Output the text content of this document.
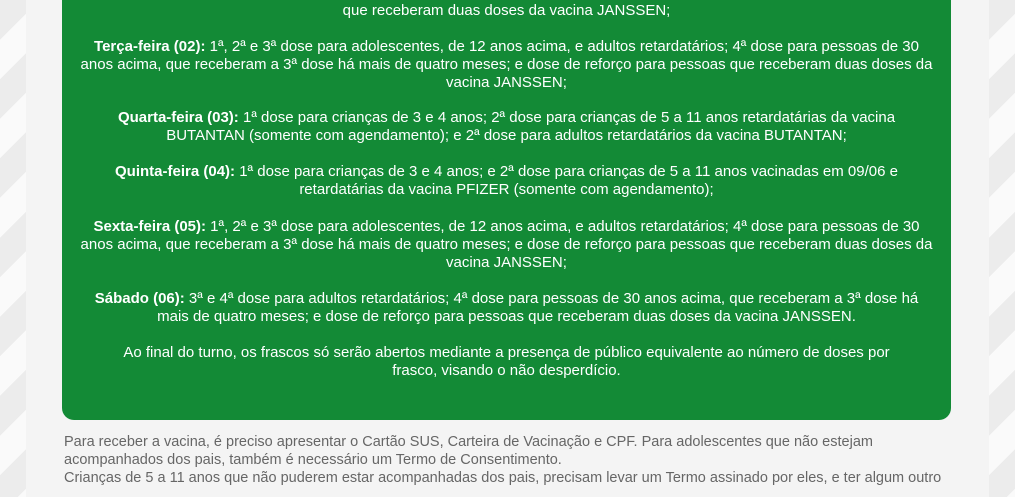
que receberam duas doses da vacina JANSSEN;
Terça-feira (02): 1ª, 2ª e 3ª dose para adolescentes, de 12 anos acima, e adultos retardatários; 4ª dose para pessoas de 30 anos acima, que receberam a 3ª dose há mais de quatro meses; e dose de reforço para pessoas que receberam duas doses da vacina JANSSEN;
Quarta-feira (03): 1ª dose para crianças de 3 e 4 anos; 2ª dose para crianças de 5 a 11 anos retardatárias da vacina BUTANTAN (somente com agendamento); e 2ª dose para adultos retardatários da vacina BUTANTAN;
Quinta-feira (04): 1ª dose para crianças de 3 e 4 anos; e 2ª dose para crianças de 5 a 11 anos vacinadas em 09/06 e retardatárias da vacina PFIZER (somente com agendamento);
Sexta-feira (05): 1ª, 2ª e 3ª dose para adolescentes, de 12 anos acima, e adultos retardatários; 4ª dose para pessoas de 30 anos acima, que receberam a 3ª dose há mais de quatro meses; e dose de reforço para pessoas que receberam duas doses da vacina JANSSEN;
Sábado (06): 3ª e 4ª dose para adultos retardatários; 4ª dose para pessoas de 30 anos acima, que receberam a 3ª dose há mais de quatro meses; e dose de reforço para pessoas que receberam duas doses da vacina JANSSEN.
Ao final do turno, os frascos só serão abertos mediante a presença de público equivalente ao número de doses por frasco, visando o não desperdício.

Para receber a vacina, é preciso apresentar o Cartão SUS, Carteira de Vacinação e CPF. Para adolescentes que não estejam acompanhados dos pais, também é necessário um Termo de Consentimento.

Crianças de 5 a 11 anos que não puderem estar acompanhadas dos pais, precisam levar um Termo assinado por eles, e ter algum outro
